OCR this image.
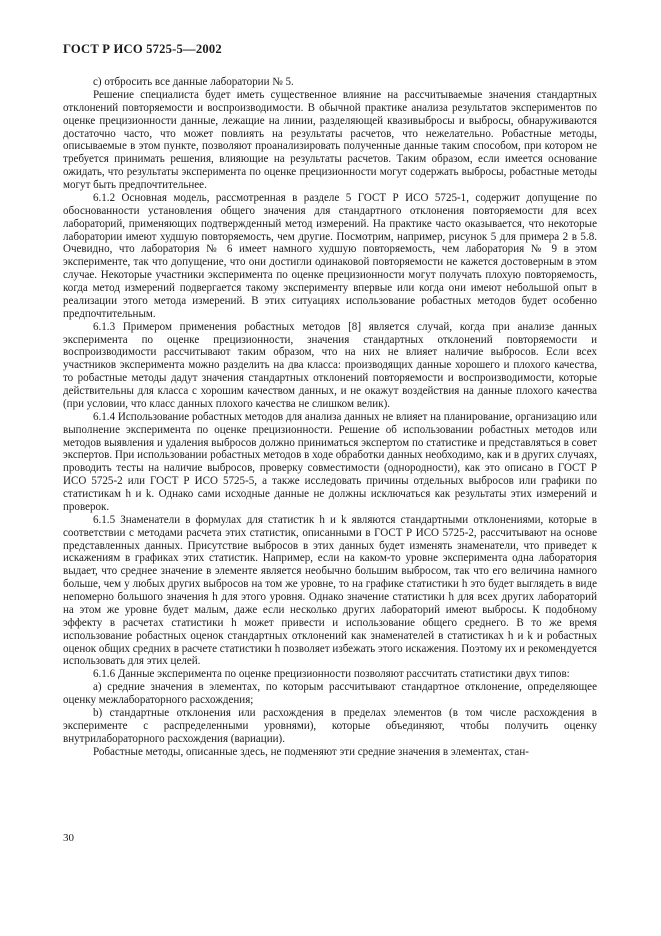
ГОСТ Р ИСО 5725-5—2002

с) отбросить все данные лаборатории № 5.

Решение специалиста будет иметь существенное влияние на рассчитываемые значения стандартных отклонений повторяемости и воспроизводимости. В обычной практике анализа результатов экспериментов по оценке прецизионности данные, лежащие на линии, разделяющей квазивыбросы и выбросы, обнаруживаются достаточно часто, что может повлиять на результаты расчетов, что нежелательно. Робастные методы, описываемые в этом пункте, позволяют проанализировать полученные данные таким способом, при котором не требуется принимать решения, влияющие на результаты расчетов. Таким образом, если имеется основание ожидать, что результаты эксперимента по оценке прецизионности могут содержать выбросы, робастные методы могут быть предпочтительнее.

6.1.2 Основная модель, рассмотренная в разделе 5 ГОСТ Р ИСО 5725-1, содержит допущение по обоснованности установления общего значения для стандартного отклонения повторяемости для всех лабораторий, применяющих подтвержденный метод измерений. На практике часто оказывается, что некоторые лаборатории имеют худшую повторяемость, чем другие. Посмотрим, например, рисунок 5 для примера 2 в 5.8. Очевидно, что лаборатория № 6 имеет намного худшую повторяемость, чем лаборатория № 9 в этом эксперименте, так что допущение, что они достигли одинаковой повторяемости не кажется достоверным в этом случае. Некоторые участники эксперимента по оценке прецизионности могут получать плохую повторяемость, когда метод измерений подвергается такому эксперименту впервые или когда они имеют небольшой опыт в реализации этого метода измерений. В этих ситуациях использование робастных методов будет особенно предпочтительным.

6.1.3 Примером применения робастных методов [8] является случай, когда при анализе данных эксперимента по оценке прецизионности, значения стандартных отклонений повторяемости и воспроизводимости рассчитывают таким образом, что на них не влияет наличие выбросов. Если всех участников эксперимента можно разделить на два класса: производящих данные хорошего и плохого качества, то робастные методы дадут значения стандартных отклонений повторяемости и воспроизводимости, которые действительны для класса с хорошим качеством данных, и не окажут воздействия на данные плохого качества (при условии, что класс данных плохого качества не слишком велик).

6.1.4 Использование робастных методов для анализа данных не влияет на планирование, организацию или выполнение эксперимента по оценке прецизионности. Решение об использовании робастных методов или методов выявления и удаления выбросов должно приниматься экспертом по статистике и представляться в совет экспертов. При использовании робастных методов в ходе обработки данных необходимо, как и в других случаях, проводить тесты на наличие выбросов, проверку совместимости (однородности), как это описано в ГОСТ Р ИСО 5725-2 или ГОСТ Р ИСО 5725-5, а также исследовать причины отдельных выбросов или графики по статистикам h и k. Однако сами исходные данные не должны исключаться как результаты этих измерений и проверок.

6.1.5 Знаменатели в формулах для статистик h и k являются стандартными отклонениями, которые в соответствии с методами расчета этих статистик, описанными в ГОСТ Р ИСО 5725-2, рассчитывают на основе представленных данных. Присутствие выбросов в этих данных будет изменять знаменатели, что приведет к искажениям в графиках этих статистик. Например, если на каком-то уровне эксперимента одна лаборатория выдает, что среднее значение в элементе является необычно большим выбросом, так что его величина намного больше, чем у любых других выбросов на том же уровне, то на графике статистики h это будет выглядеть в виде непомерно большого значения h для этого уровня. Однако значение статистики h для всех других лабораторий на этом же уровне будет малым, даже если несколько других лабораторий имеют выбросы. К подобному эффекту в расчетах статистики h может привести и использование общего среднего. В то же время использование робастных оценок стандартных отклонений как знаменателей в статистиках h и k и робастных оценок общих средних в расчете статистики h позволяет избежать этого искажения. Поэтому их и рекомендуется использовать для этих целей.

6.1.6 Данные эксперимента по оценке прецизионности позволяют рассчитать статистики двух типов:

а) средние значения в элементах, по которым рассчитывают стандартное отклонение, определяющее оценку межлабораторного расхождения;

b) стандартные отклонения или расхождения в пределах элементов (в том числе расхождения в эксперименте с распределенными уровнями), которые объединяют, чтобы получить оценку внутрилабораторного расхождения (вариации).

Робастные методы, описанные здесь, не подменяют эти средние значения в элементах, стан-

30
